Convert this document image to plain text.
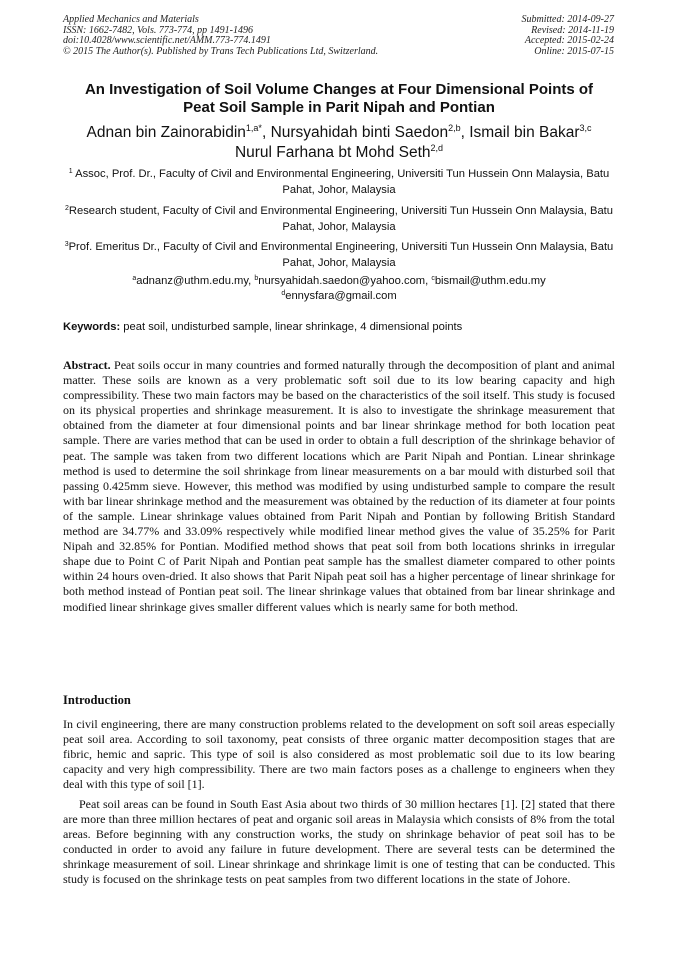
Applied Mechanics and Materials
ISSN: 1662-7482, Vols. 773-774, pp 1491-1496
doi:10.4028/www.scientific.net/AMM.773-774.1491
© 2015 The Author(s). Published by Trans Tech Publications Ltd, Switzerland.
Submitted: 2014-09-27
Revised: 2014-11-19
Accepted: 2015-02-24
Online: 2015-07-15
An Investigation of Soil Volume Changes at Four Dimensional Points of
Peat Soil Sample in Parit Nipah and Pontian
Adnan bin Zainorabidin$^{1,a*}$, Nursyahidah binti Saedon$^{2,b}$, Ismail bin Bakar$^{3,c}$
Nurul Farhana bt Mohd Seth$^{2,d}$
$^1$ Assoc, Prof. Dr., Faculty of Civil and Environmental Engineering, Universiti Tun Hussein Onn Malaysia, Batu Pahat, Johor, Malaysia
$^2$Research student, Faculty of Civil and Environmental Engineering, Universiti Tun Hussein Onn Malaysia, Batu Pahat, Johor, Malaysia
$^3$Prof. Emeritus Dr., Faculty of Civil and Environmental Engineering, Universiti Tun Hussein Onn Malaysia, Batu Pahat, Johor, Malaysia
$^a$adnanz@uthm.edu.my, $^b$nursyahidah.saedon@yahoo.com, $^c$bismail@uthm.edu.my
$^d$ennysfara@gmail.com
Keywords: peat soil, undisturbed sample, linear shrinkage, 4 dimensional points
Abstract. Peat soils occur in many countries and formed naturally through the decomposition of plant and animal matter. These soils are known as a very problematic soft soil due to its low bearing capacity and high compressibility. These two main factors may be based on the characteristics of the soil itself. This study is focused on its physical properties and shrinkage measurement. It is also to investigate the shrinkage measurement that obtained from the diameter at four dimensional points and bar linear shrinkage method for both location peat sample. There are varies method that can be used in order to obtain a full description of the shrinkage behavior of peat. The sample was taken from two different locations which are Parit Nipah and Pontian. Linear shrinkage method is used to determine the soil shrinkage from linear measurements on a bar mould with disturbed soil that passing 0.425mm sieve. However, this method was modified by using undisturbed sample to compare the result with bar linear shrinkage method and the measurement was obtained by the reduction of its diameter at four points of the sample. Linear shrinkage values obtained from Parit Nipah and Pontian by following British Standard method are 34.77% and 33.09% respectively while modified linear method gives the value of 35.25% for Parit Nipah and 32.85% for Pontian. Modified method shows that peat soil from both locations shrinks in irregular shape due to Point C of Parit Nipah and Pontian peat sample has the smallest diameter compared to other points within 24 hours oven-dried. It also shows that Parit Nipah peat soil has a higher percentage of linear shrinkage for both method instead of Pontian peat soil. The linear shrinkage values that obtained from bar linear shrinkage and modified linear shrinkage gives smaller different values which is nearly same for both method.
Introduction
In civil engineering, there are many construction problems related to the development on soft soil areas especially peat soil area. According to soil taxonomy, peat consists of three organic matter decomposition stages that are fibric, hemic and sapric. This type of soil is also considered as most problematic soil due to its low bearing capacity and very high compressibility. There are two main factors poses as a challenge to engineers when they deal with this type of soil [1].
Peat soil areas can be found in South East Asia about two thirds of 30 million hectares [1]. [2] stated that there are more than three million hectares of peat and organic soil areas in Malaysia which consists of 8% from the total areas. Before beginning with any construction works, the study on shrinkage behavior of peat soil has to be conducted in order to avoid any failure in future development. There are several tests can be determined the shrinkage measurement of soil. Linear shrinkage and shrinkage limit is one of testing that can be conducted. This study is focused on the shrinkage tests on peat samples from two different locations in the state of Johore.
